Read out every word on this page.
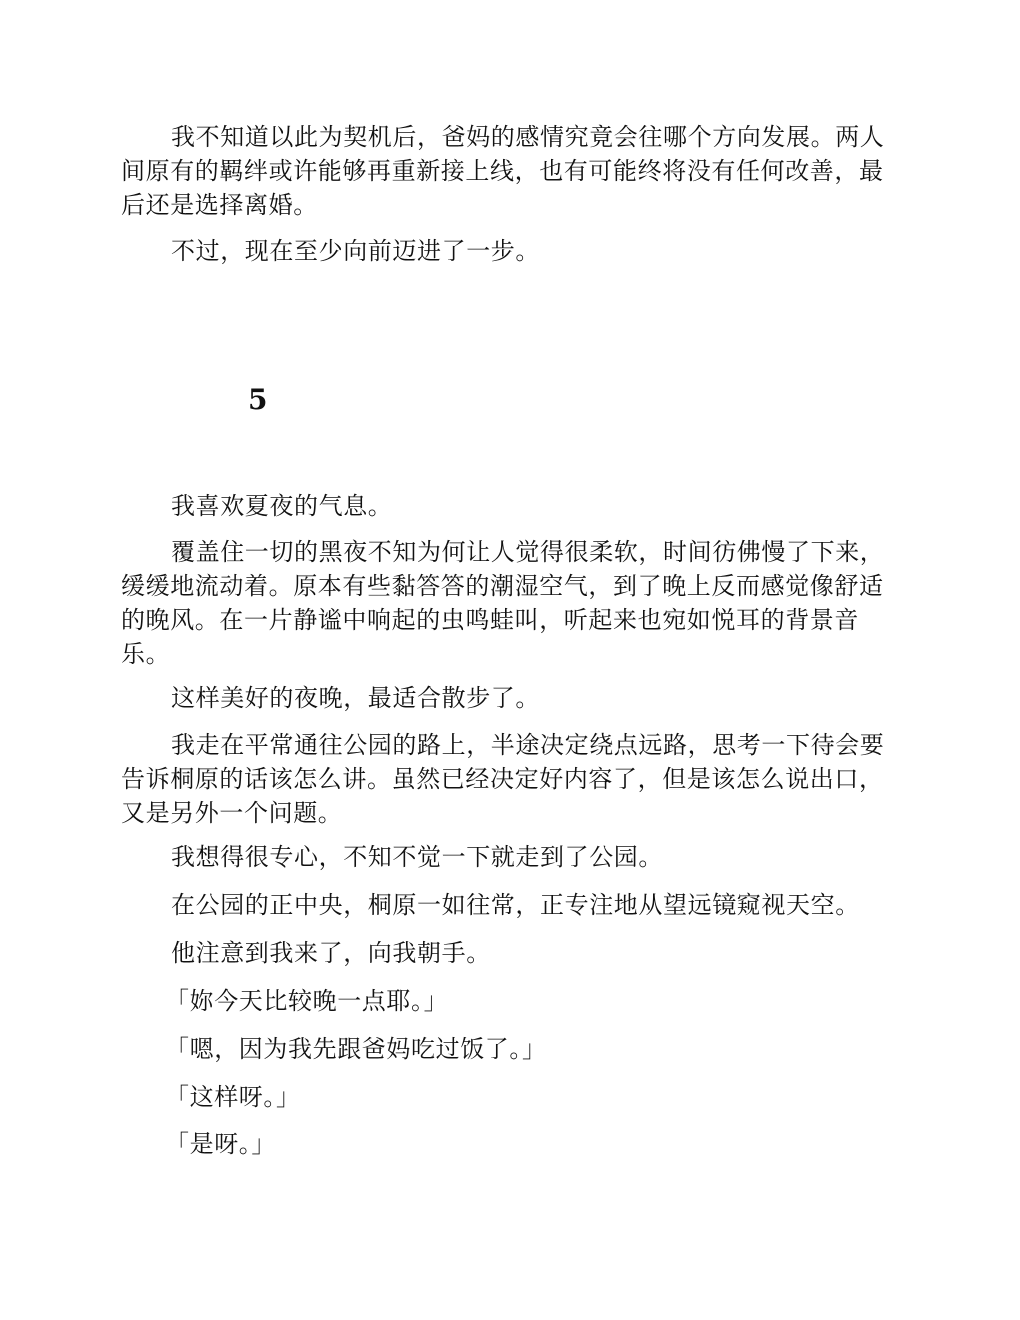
我不知道以此为契机后，爸妈的感情究竟会往哪个方向发展。两人间原有的羁绊或许能够再重新接上线，也有可能终将没有任何改善，最后还是选择离婚。

不过，现在至少向前迈进了一步。

我喜欢夏夜的气息。

覆盖住一切的黑夜不知为何让人觉得很柔软，时间彷佛慢了下来，缓缓地流动着。原本有些黏答答的潮湿空气，到了晚上反而感觉像舒适的晚风。在一片静谧中响起的虫鸣蛙叫，听起来也宛如悦耳的背景音乐。

这样美好的夜晚，最适合散步了。

我走在平常通往公园的路上，半途决定绕点远路，思考一下待会要告诉桐原的话该怎么讲。虽然已经决定好内容了，但是该怎么说出口，又是另外一个问题。

我想得很专心，不知不觉一下就走到了公园。

在公园的正中央，桐原一如往常，正专注地从望远镜窥视天空。

他注意到我来了，向我朝手。

「妳今天比较晚一点耶。」

「嗯，因为我先跟爸妈吃过饭了。」

「这样呀。」

「是呀。」

5
